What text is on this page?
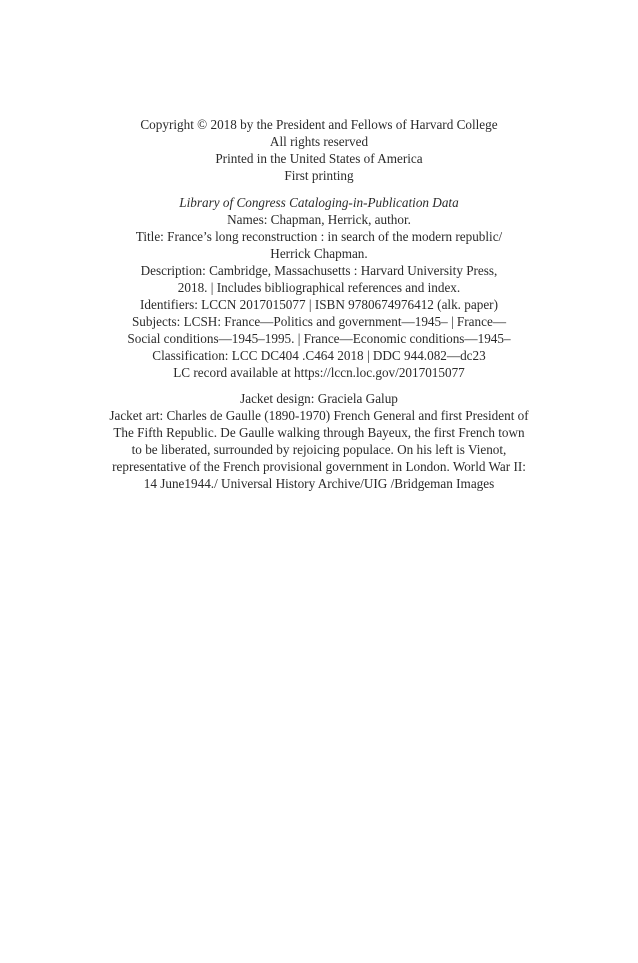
Copyright © 2018 by the President and Fellows of Harvard College
All rights reserved
Printed in the United States of America
First printing
Library of Congress Cataloging-in-Publication Data
Names: Chapman, Herrick, author.
Title: France’s long reconstruction : in search of the modern republic/
Herrick Chapman.
Description: Cambridge, Massachusetts : Harvard University Press,
2018. | Includes bibliographical references and index.
Identifiers: LCCN 2017015077 | ISBN 9780674976412 (alk. paper)
Subjects: LCSH: France—Politics and government—1945– | France—
Social conditions—1945–1995. | France—Economic conditions—1945–
Classification: LCC DC404 .C464 2018 | DDC 944.082—dc23
LC record available at https://lccn.loc.gov/2017015077
Jacket design: Graciela Galup
Jacket art: Charles de Gaulle (1890-1970) French General and first President of
The Fifth Republic. De Gaulle walking through Bayeux, the first French town
to be liberated, surrounded by rejoicing populace. On his left is Vienot,
representative of the French provisional government in London. World War II:
14 June1944./ Universal History Archive/UIG /Bridgeman Images
